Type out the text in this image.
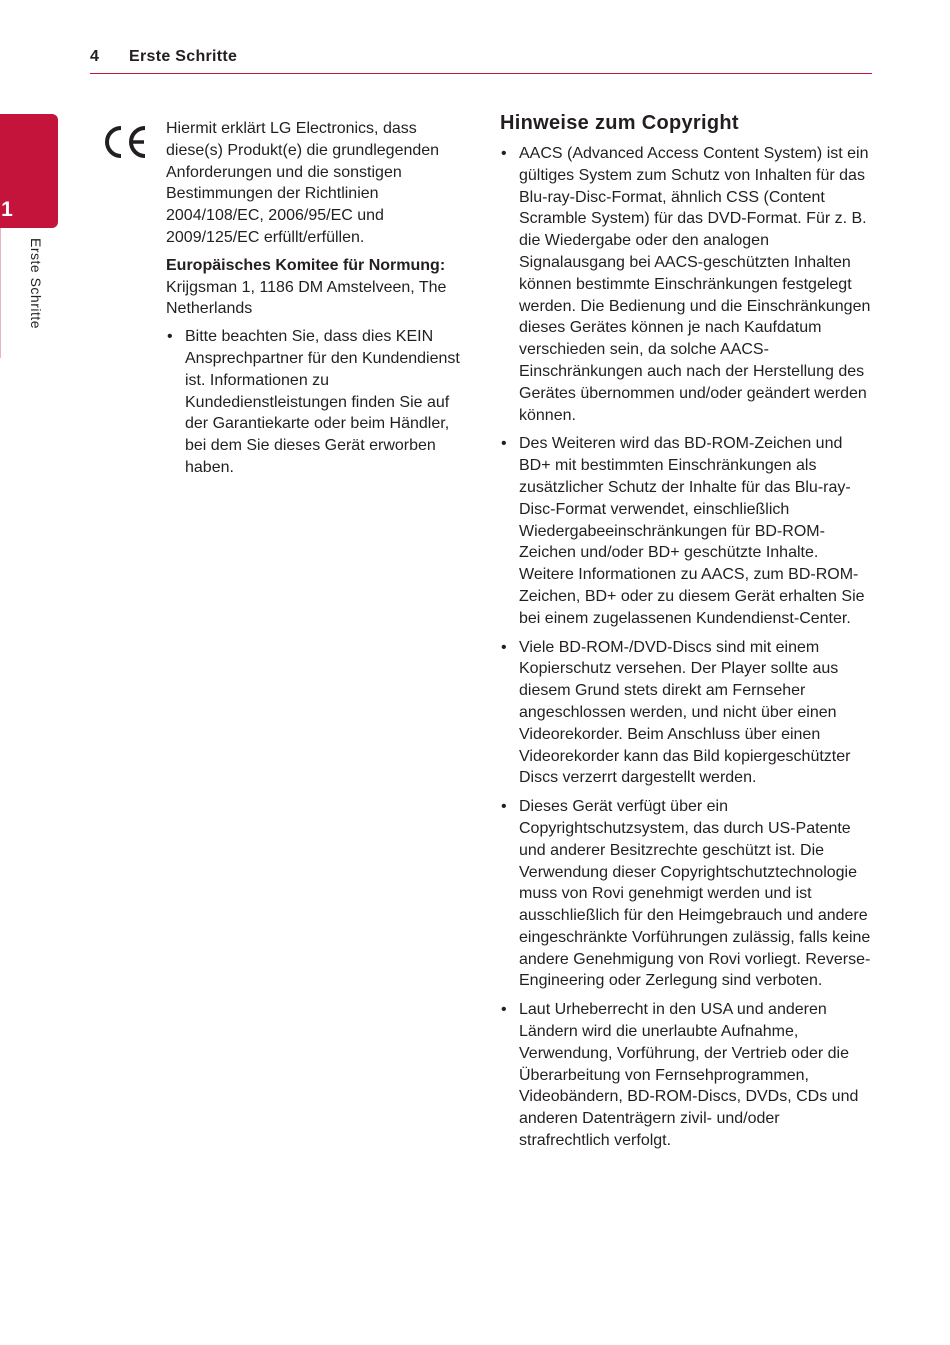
4 Erste Schritte
1
Erste Schritte

Hiermit erklärt LG Electronics, dass diese(s) Produkt(e) die grundlegenden Anforderungen und die sonstigen Bestimmungen der Richtlinien 2004/108/EC, 2006/95/EC und 2009/125/EC erfüllt/erfüllen.

Europäisches Komitee für Normung:
Krijgsman 1, 1186 DM Amstelveen, The Netherlands

• Bitte beachten Sie, dass dies KEIN Ansprechpartner für den Kundendienst ist. Informationen zu Kundedienstleistungen finden Sie auf der Garantiekarte oder beim Händler, bei dem Sie dieses Gerät erworben haben.
Hinweise zum Copyright
• AACS (Advanced Access Content System) ist ein gültiges System zum Schutz von Inhalten für das Blu-ray-Disc-Format, ähnlich CSS (Content Scramble System) für das DVD-Format. Für z. B. die Wiedergabe oder den analogen Signalausgang bei AACS-geschützten Inhalten können bestimmte Einschränkungen festgelegt werden. Die Bedienung und die Einschränkungen dieses Gerätes können je nach Kaufdatum verschieden sein, da solche AACS-Einschränkungen auch nach der Herstellung des Gerätes übernommen und/oder geändert werden können.
• Des Weiteren wird das BD-ROM-Zeichen und BD+ mit bestimmten Einschränkungen als zusätzlicher Schutz der Inhalte für das Blu-ray-Disc-Format verwendet, einschließlich Wiedergabeeinschränkungen für BD-ROM-Zeichen und/oder BD+ geschützte Inhalte. Weitere Informationen zu AACS, zum BD-ROM-Zeichen, BD+ oder zu diesem Gerät erhalten Sie bei einem zugelassenen Kundendienst-Center.
• Viele BD-ROM-/DVD-Discs sind mit einem Kopierschutz versehen. Der Player sollte aus diesem Grund stets direkt am Fernseher angeschlossen werden, und nicht über einen Videorekorder. Beim Anschluss über einen Videorekorder kann das Bild kopiergeschützter Discs verzerrt dargestellt werden.
• Dieses Gerät verfügt über ein Copyrightschutzsystem, das durch US-Patente und anderer Besitzrechte geschützt ist. Die Verwendung dieser Copyrightschutztechnologie muss von Rovi genehmigt werden und ist ausschließlich für den Heimgebrauch und andere eingeschränkte Vorführungen zulässig, falls keine andere Genehmigung von Rovi vorliegt. Reverse-Engineering oder Zerlegung sind verboten.
• Laut Urheberrecht in den USA und anderen Ländern wird die unerlaubte Aufnahme, Verwendung, Vorführung, der Vertrieb oder die Überarbeitung von Fernsehprogrammen, Videobändern, BD-ROM-Discs, DVDs, CDs und anderen Datenträgern zivil- und/oder strafrechtlich verfolgt.
